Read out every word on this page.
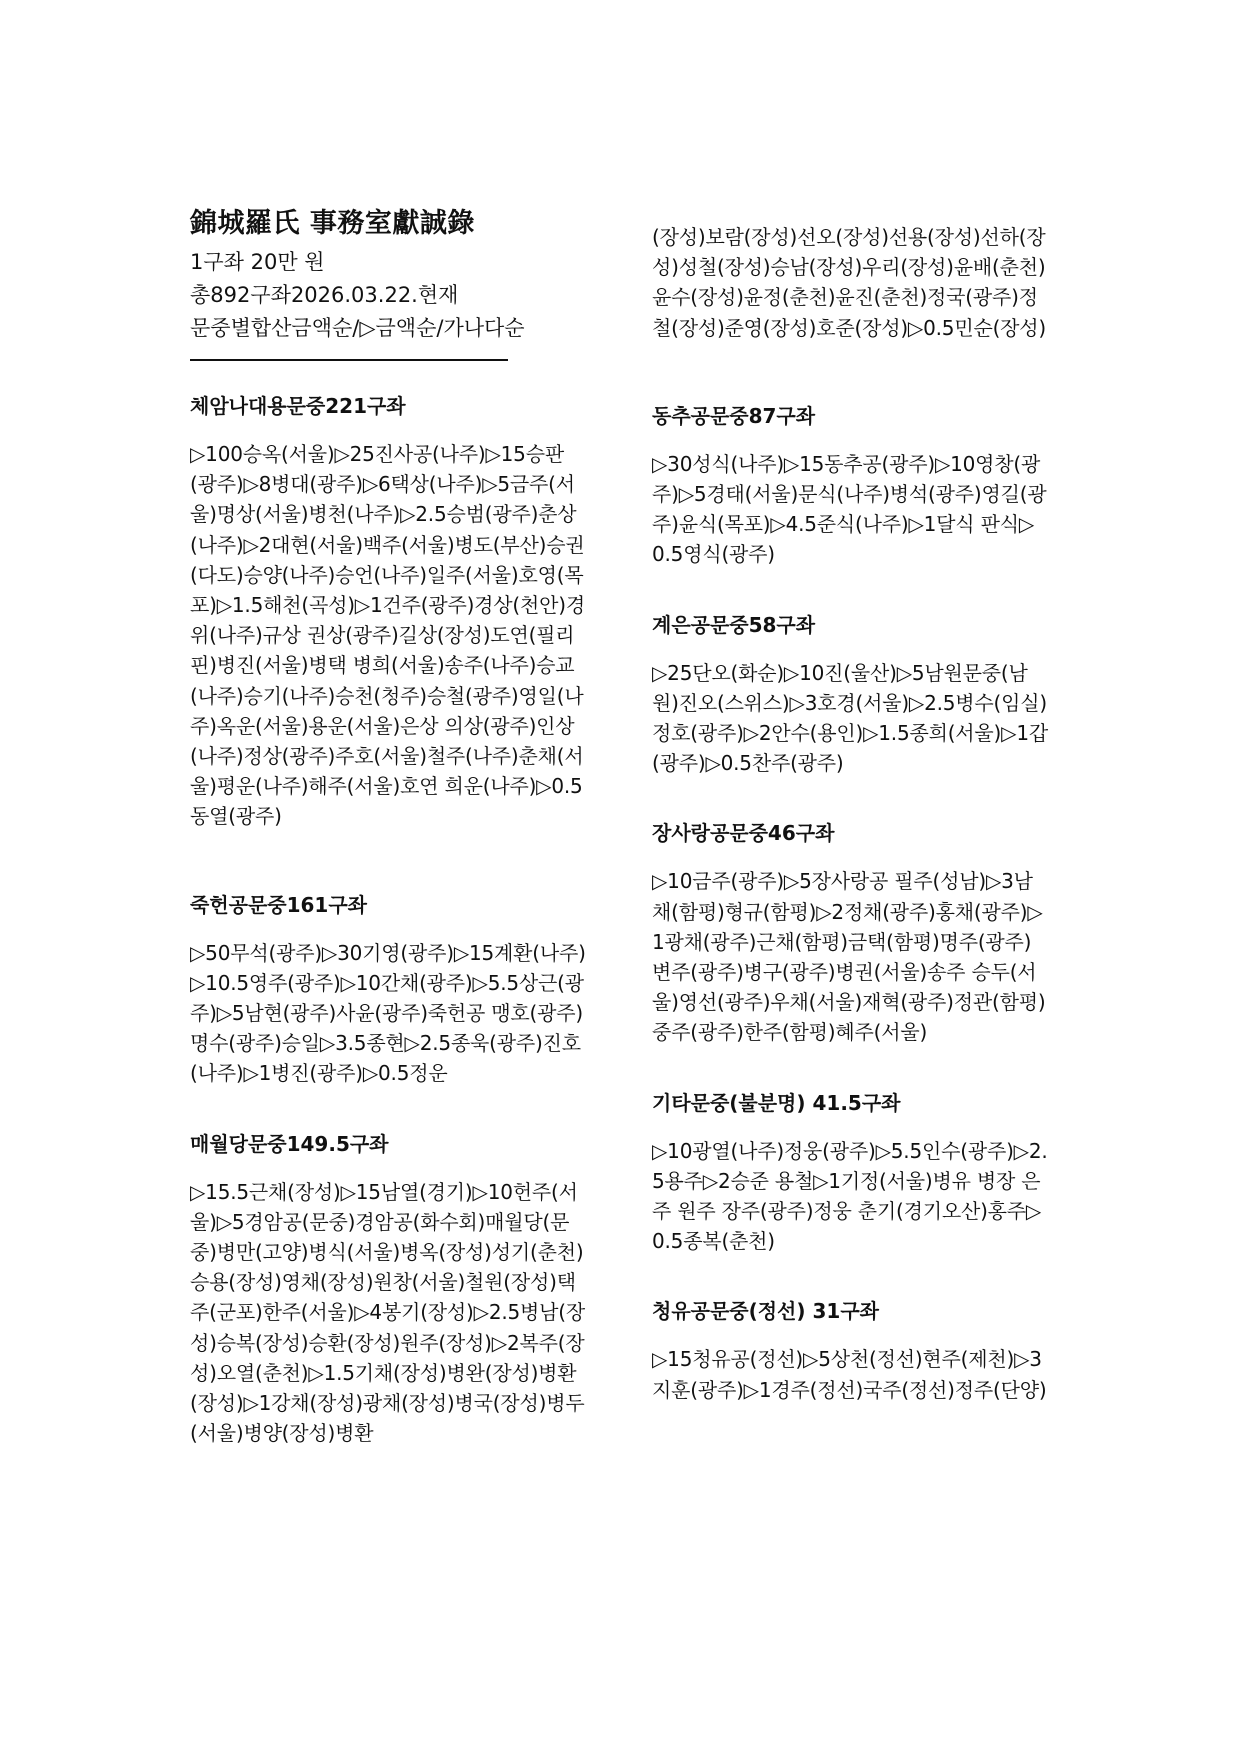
錦城羅氏 事務室獻誠錄

1구좌 20만 원

총892구좌2026.03.22.현재

문중별합산금액순/▷금액순/가나다순

체암나대용문중221구좌

▷100승옥(서울)▷25진사공(나주)▷15승판(광주)▷8병대(광주)▷6택상(나주)▷5금주(서울)명상(서울)병천(나주)▷2.5승범(광주)춘상(나주)▷2대현(서울)백주(서울)병도(부산)승권(다도)승양(나주)승언(나주)일주(서울)호영(목포)▷1.5해천(곡성)▷1건주(광주)경상(천안)경위(나주)규상 권상(광주)길상(장성)도연(필리핀)병진(서울)병택 병희(서울)송주(나주)승교(나주)승기(나주)승천(청주)승철(광주)영일(나주)옥운(서울)용운(서울)은상 의상(광주)인상(나주)정상(광주)주호(서울)철주(나주)춘채(서울)평운(나주)해주(서울)호연 희운(나주)▷0.5동열(광주)

죽헌공문중161구좌

▷50무석(광주)▷30기영(광주)▷15계환(나주)▷10.5영주(광주)▷10간채(광주)▷5.5상근(광주)▷5남현(광주)사윤(광주)죽헌공 맹호(광주)명수(광주)승일▷3.5종현▷2.5종욱(광주)진호(나주)▷1병진(광주)▷0.5정운

매월당문중149.5구좌

▷15.5근채(장성)▷15남열(경기)▷10헌주(서울)▷5경암공(문중)경암공(화수회)매월당(문중)병만(고양)병식(서울)병옥(장성)성기(춘천)승용(장성)영채(장성)원창(서울)철원(장성)택주(군포)한주(서울)▷4봉기(장성)▷2.5병남(장성)승복(장성)승환(장성)원주(장성)▷2복주(장성)오열(춘천)▷1.5기채(장성)병완(장성)병환(장성)▷1강채(장성)광채(장성)병국(장성)병두(서울)병양(장성)병환

(장성)보람(장성)선오(장성)선용(장성)선하(장성)성철(장성)승남(장성)우리(장성)윤배(춘천)윤수(장성)윤정(춘천)윤진(춘천)정국(광주)정철(장성)준영(장성)호준(장성)▷0.5민순(장성)

동추공문중87구좌

▷30성식(나주)▷15동추공(광주)▷10영창(광주)▷5경태(서울)문식(나주)병석(광주)영길(광주)윤식(목포)▷4.5준식(나주)▷1달식 판식▷0.5영식(광주)

계은공문중58구좌

▷25단오(화순)▷10진(울산)▷5남원문중(남원)진오(스위스)▷3호경(서울)▷2.5병수(임실)정호(광주)▷2안수(용인)▷1.5종희(서울)▷1갑(광주)▷0.5찬주(광주)

장사랑공문중46구좌

▷10금주(광주)▷5장사랑공 필주(성남)▷3남채(함평)형규(함평)▷2정채(광주)홍채(광주)▷1광채(광주)근채(함평)금택(함평)명주(광주)변주(광주)병구(광주)병권(서울)송주 승두(서울)영선(광주)우채(서울)재혁(광주)정관(함평)중주(광주)한주(함평)혜주(서울)

기타문중(불분명) 41.5구좌

▷10광열(나주)정웅(광주)▷5.5인수(광주)▷2.5용주▷2승준 용철▷1기정(서울)병유 병장 은주 원주 장주(광주)정웅 춘기(경기오산)홍주▷0.5종복(춘천)

청유공문중(정선) 31구좌

▷15청유공(정선)▷5상천(정선)현주(제천)▷3지훈(광주)▷1경주(정선)국주(정선)정주(단양)
